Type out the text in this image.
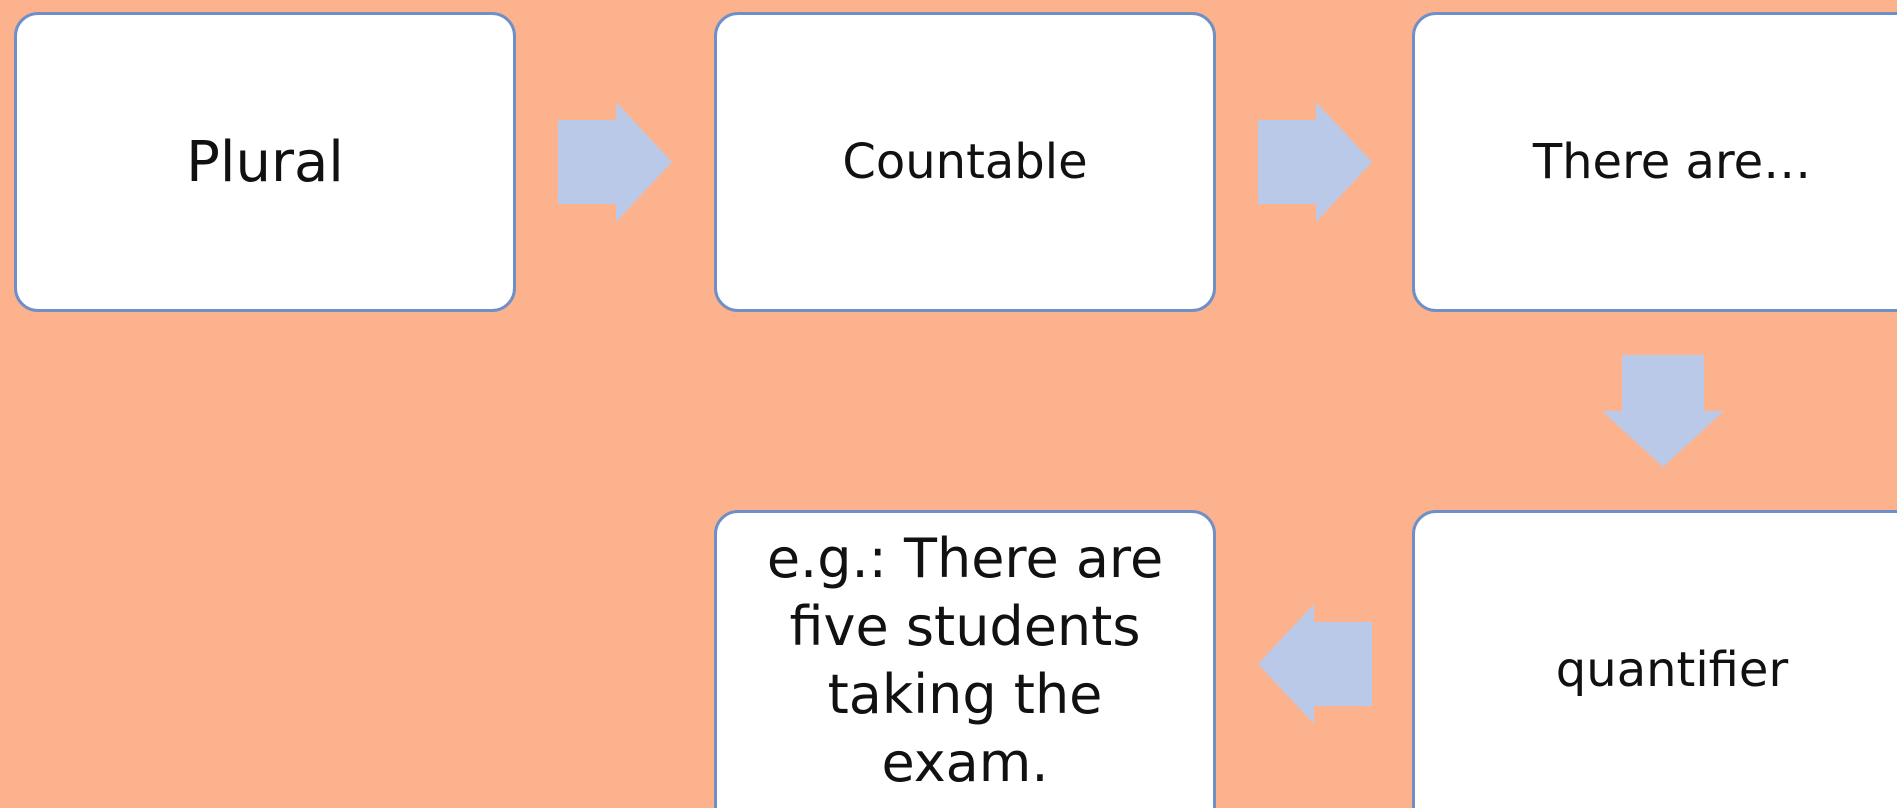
Plural	Countable	There are…
quantifier
e.g.: There are five students taking the exam.
